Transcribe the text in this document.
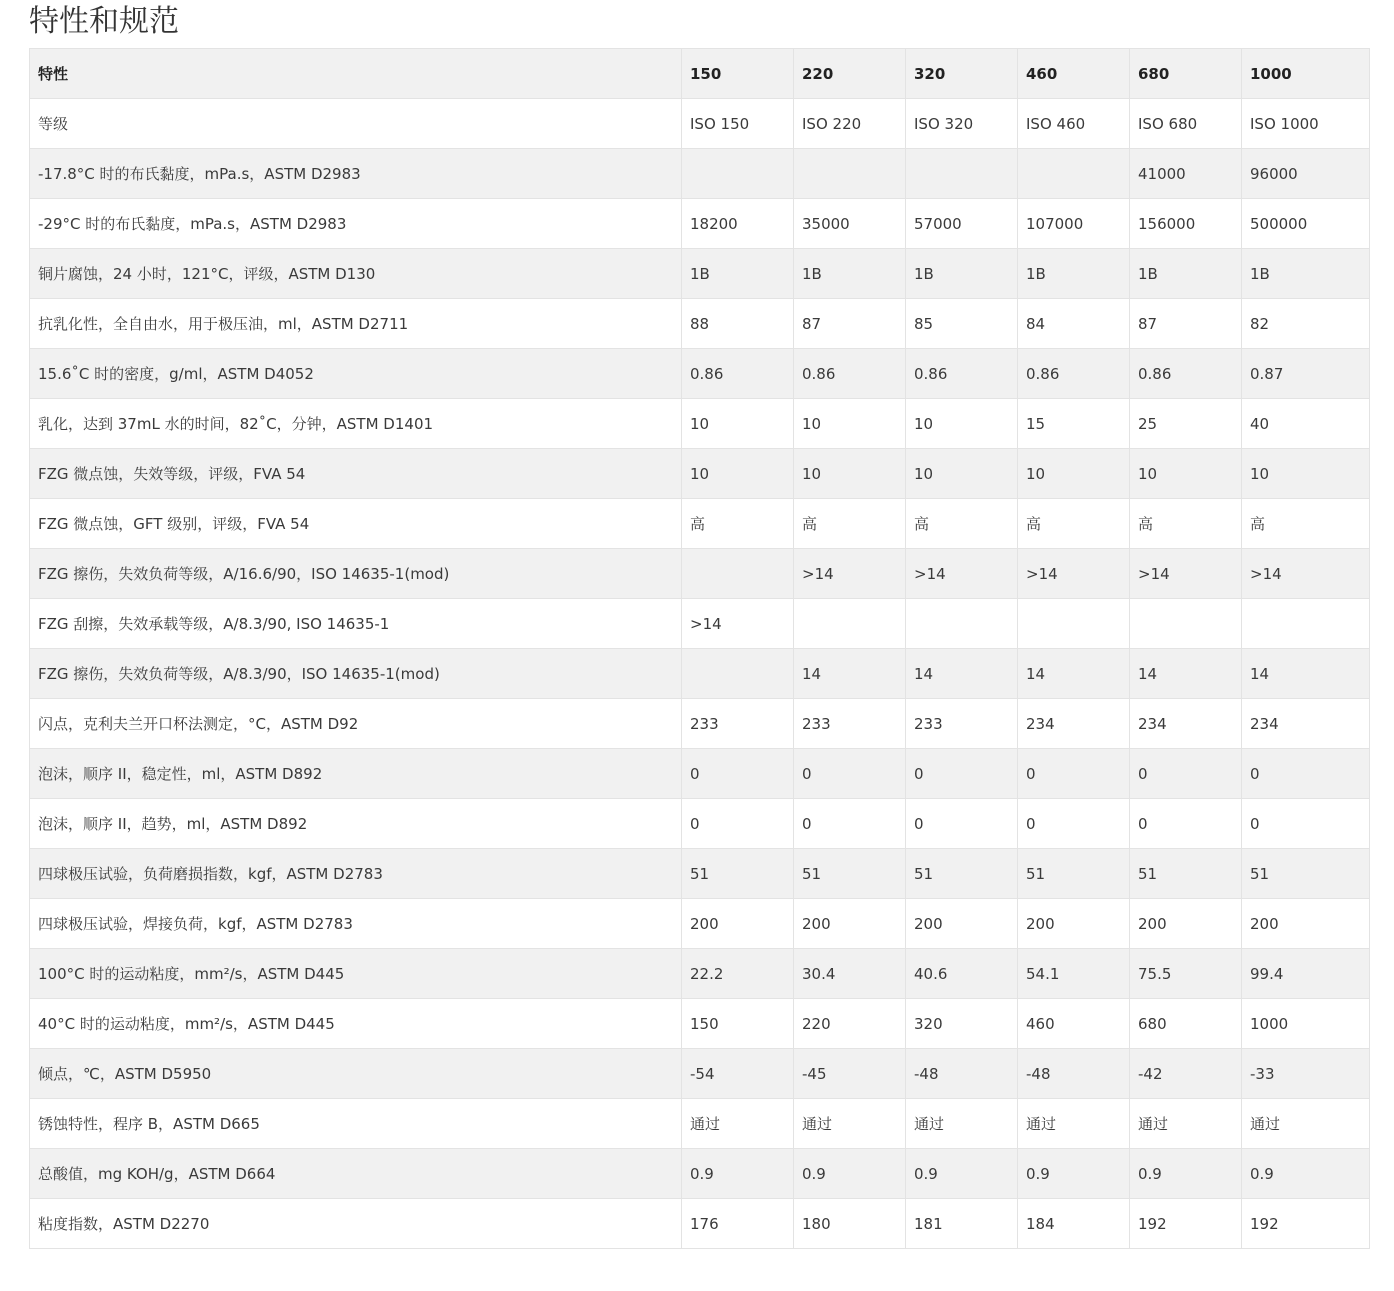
特性和规范
特性	150	220	320	460	680	1000
等级	ISO 150	ISO 220	ISO 320	ISO 460	ISO 680	ISO 1000
-17.8°C 时的布氏黏度，mPa.s，ASTM D2983					41000	96000
-29°C 时的布氏黏度，mPa.s，ASTM D2983	18200	35000	57000	107000	156000	500000
铜片腐蚀，24 小时，121°C，评级，ASTM D130	1B	1B	1B	1B	1B	1B
抗乳化性，全自由水，用于极压油，ml，ASTM D2711	88	87	85	84	87	82
15.6˚C 时的密度，g/ml，ASTM D4052	0.86	0.86	0.86	0.86	0.86	0.87
乳化，达到 37mL 水的时间，82˚C，分钟，ASTM D1401	10	10	10	15	25	40
FZG 微点蚀，失效等级，评级，FVA 54	10	10	10	10	10	10
FZG 微点蚀，GFT 级别，评级，FVA 54	高	高	高	高	高	高
FZG 擦伤，失效负荷等级，A/16.6/90，ISO 14635-1(mod)		>14	>14	>14	>14	>14
FZG 刮擦，失效承载等级，A/8.3/90, ISO 14635-1	>14					
FZG 擦伤，失效负荷等级，A/8.3/90，ISO 14635-1(mod)		14	14	14	14	14
闪点，克利夫兰开口杯法测定，°C，ASTM D92	233	233	233	234	234	234
泡沫，顺序 II，稳定性，ml，ASTM D892	0	0	0	0	0	0
泡沫，顺序 II，趋势，ml，ASTM D892	0	0	0	0	0	0
四球极压试验，负荷磨损指数，kgf，ASTM D2783	51	51	51	51	51	51
四球极压试验，焊接负荷，kgf，ASTM D2783	200	200	200	200	200	200
100°C 时的运动粘度，mm²/s，ASTM D445	22.2	30.4	40.6	54.1	75.5	99.4
40°C 时的运动粘度，mm²/s，ASTM D445	150	220	320	460	680	1000
倾点，℃，ASTM D5950	-54	-45	-48	-48	-42	-33
锈蚀特性，程序 B，ASTM D665	通过	通过	通过	通过	通过	通过
总酸值，mg KOH/g，ASTM D664	0.9	0.9	0.9	0.9	0.9	0.9
粘度指数，ASTM D2270	176	180	181	184	192	192
